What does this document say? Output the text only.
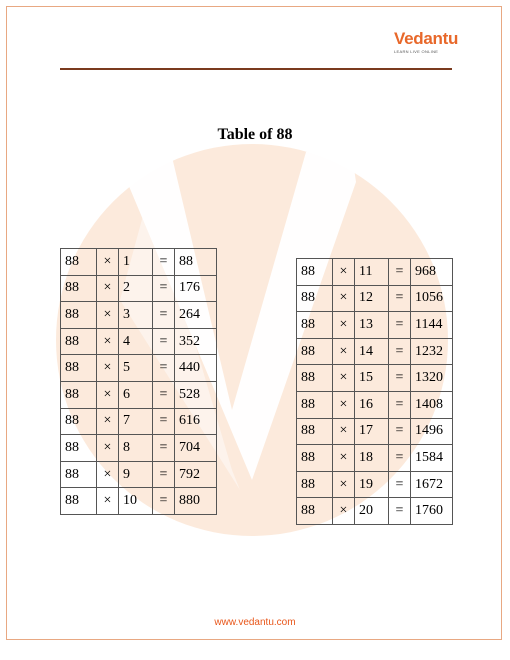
Vedantu
LEARN LIVE ONLINE
Table of 88
88	×	1	=	88
88	×	2	=	176
88	×	3	=	264
88	×	4	=	352
88	×	5	=	440
88	×	6	=	528
88	×	7	=	616
88	×	8	=	704
88	×	9	=	792
88	×	10	=	880
88	×	11	=	968
88	×	12	=	1056
88	×	13	=	1144
88	×	14	=	1232
88	×	15	=	1320
88	×	16	=	1408
88	×	17	=	1496
88	×	18	=	1584
88	×	19	=	1672
88	×	20	=	1760
www.vedantu.com
